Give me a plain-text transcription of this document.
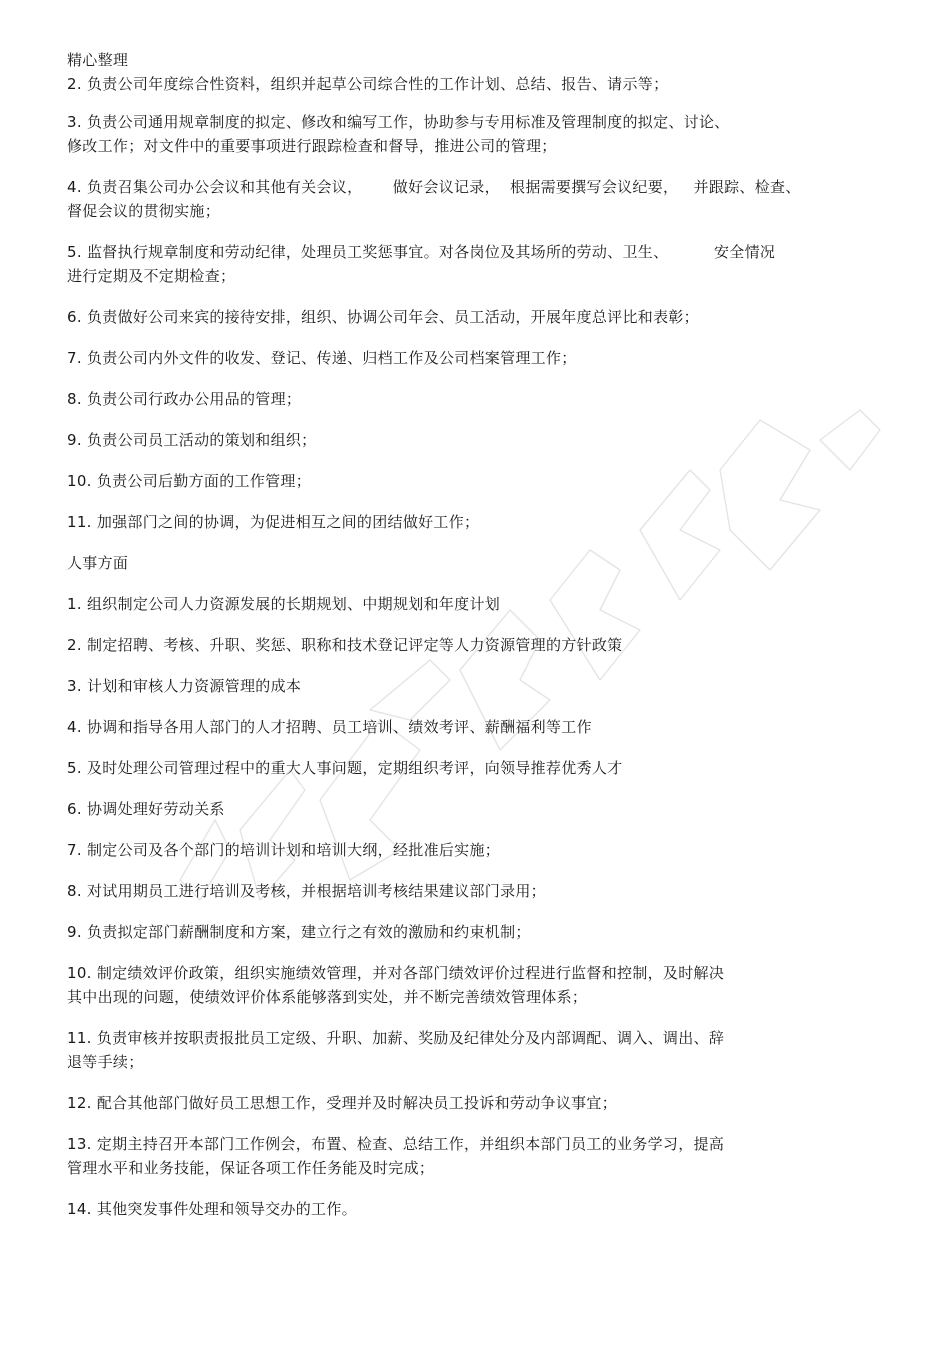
精心整理
2. 负责公司年度综合性资料，组织并起草公司综合性的工作计划、总结、报告、请示等；
3. 负责公司通用规章制度的拟定、修改和编写工作，协助参与专用标准及管理制度的拟定、讨论、
修改工作；对文件中的重要事项进行跟踪检查和督导，推进公司的管理；
4. 负责召集公司办公会议和其他有关会议，      做好会议记录，  根据需要撰写会议纪要，   并跟踪、检查、
督促会议的贯彻实施；
5. 监督执行规章制度和劳动纪律，处理员工奖惩事宜。对各岗位及其场所的劳动、卫生、         安全情况
进行定期及不定期检查；
6. 负责做好公司来宾的接待安排，组织、协调公司年会、员工活动，开展年度总评比和表彰；
7. 负责公司内外文件的收发、登记、传递、归档工作及公司档案管理工作；
8. 负责公司行政办公用品的管理；
9. 负责公司员工活动的策划和组织；
10. 负责公司后勤方面的工作管理；
11. 加强部门之间的协调，为促进相互之间的团结做好工作；
人事方面
1. 组织制定公司人力资源发展的长期规划、中期规划和年度计划
2. 制定招聘、考核、升职、奖惩、职称和技术登记评定等人力资源管理的方针政策
3. 计划和审核人力资源管理的成本
4. 协调和指导各用人部门的人才招聘、员工培训、绩效考评、薪酬福利等工作
5. 及时处理公司管理过程中的重大人事问题，定期组织考评，向领导推荐优秀人才
6. 协调处理好劳动关系
7. 制定公司及各个部门的培训计划和培训大纲，经批准后实施；
8. 对试用期员工进行培训及考核，并根据培训考核结果建议部门录用；
9. 负责拟定部门薪酬制度和方案，建立行之有效的激励和约束机制；
10. 制定绩效评价政策，组织实施绩效管理，并对各部门绩效评价过程进行监督和控制，及时解决
其中出现的问题，使绩效评价体系能够落到实处，并不断完善绩效管理体系；
11. 负责审核并按职责报批员工定级、升职、加薪、奖励及纪律处分及内部调配、调入、调出、辞
退等手续；
12. 配合其他部门做好员工思想工作，受理并及时解决员工投诉和劳动争议事宜；
13. 定期主持召开本部门工作例会，布置、检查、总结工作，并组织本部门员工的业务学习，提高
管理水平和业务技能，保证各项工作任务能及时完成；
14. 其他突发事件处理和领导交办的工作。
